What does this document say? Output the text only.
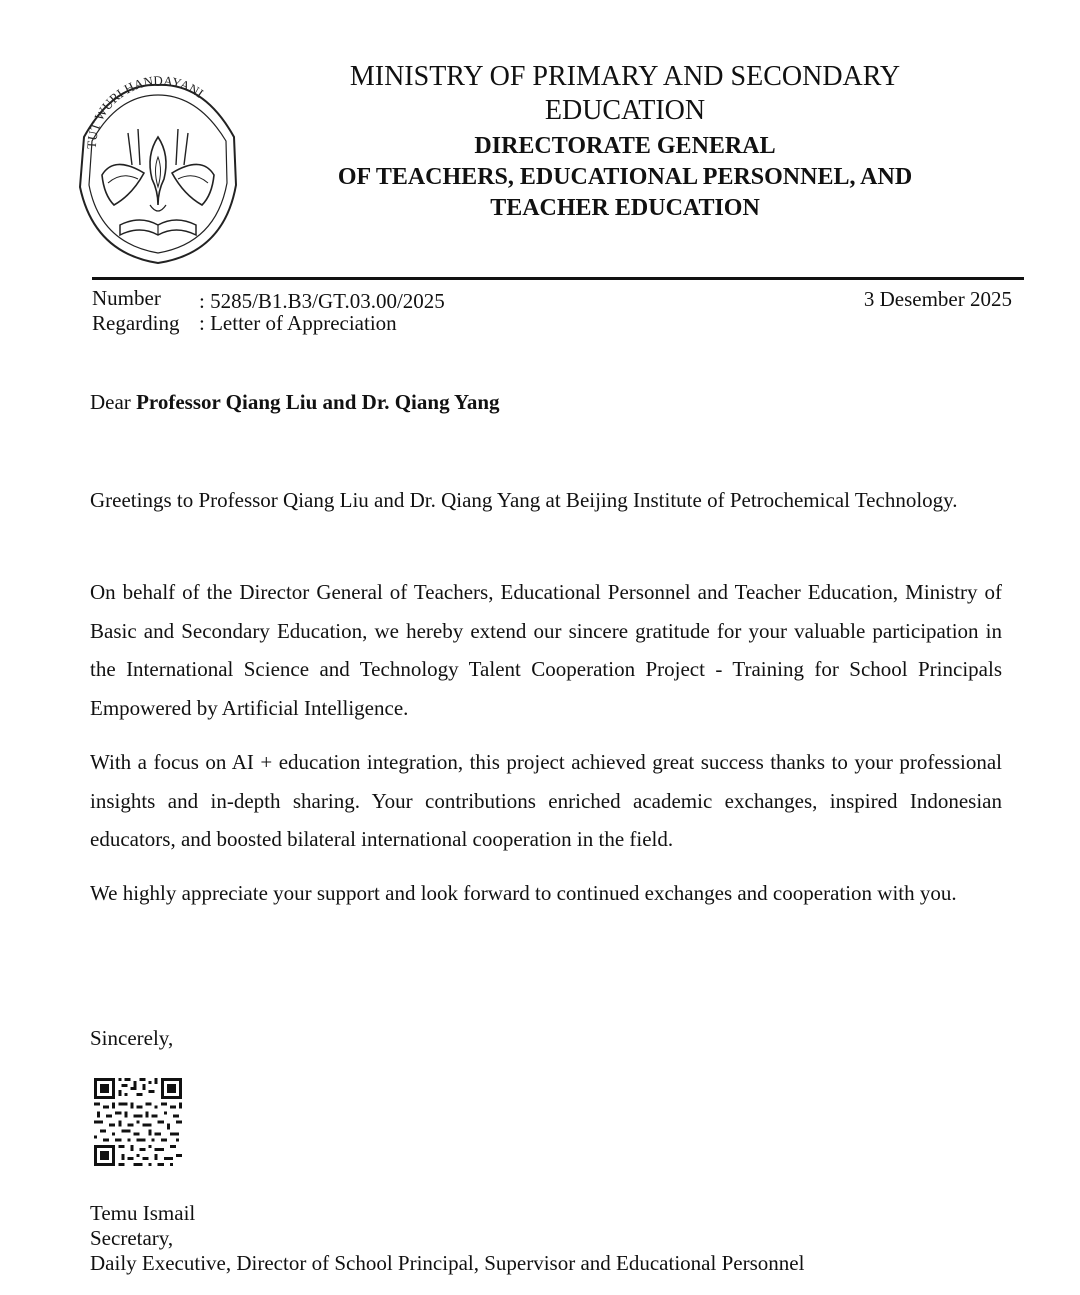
TUT WURI HANDAYANI
MINISTRY OF PRIMARY AND SECONDARY
EDUCATION
DIRECTORATE GENERAL
OF TEACHERS, EDUCATIONAL PERSONNEL, AND
TEACHER EDUCATION
Number : 5285/B1.B3/GT.03.00/2025
Regarding : Letter of Appreciation
3 Desember 2025
Dear Professor Qiang Liu and Dr. Qiang Yang
Greetings to Professor Qiang Liu and Dr. Qiang Yang at Beijing Institute of Petrochemical Technology.
On behalf of the Director General of Teachers, Educational Personnel and Teacher Education, Ministry of Basic and Secondary Education, we hereby extend our sincere gratitude for your valuable participation in the International Science and Technology Talent Cooperation Project - Training for School Principals Empowered by Artificial Intelligence.
With a focus on AI + education integration, this project achieved great success thanks to your professional insights and in-depth sharing. Your contributions enriched academic exchanges, inspired Indonesian educators, and boosted bilateral international cooperation in the field.
We highly appreciate your support and look forward to continued exchanges and cooperation with you.
Sincerely,
Temu Ismail
Secretary,
Daily Executive, Director of School Principal, Supervisor and Educational Personnel
